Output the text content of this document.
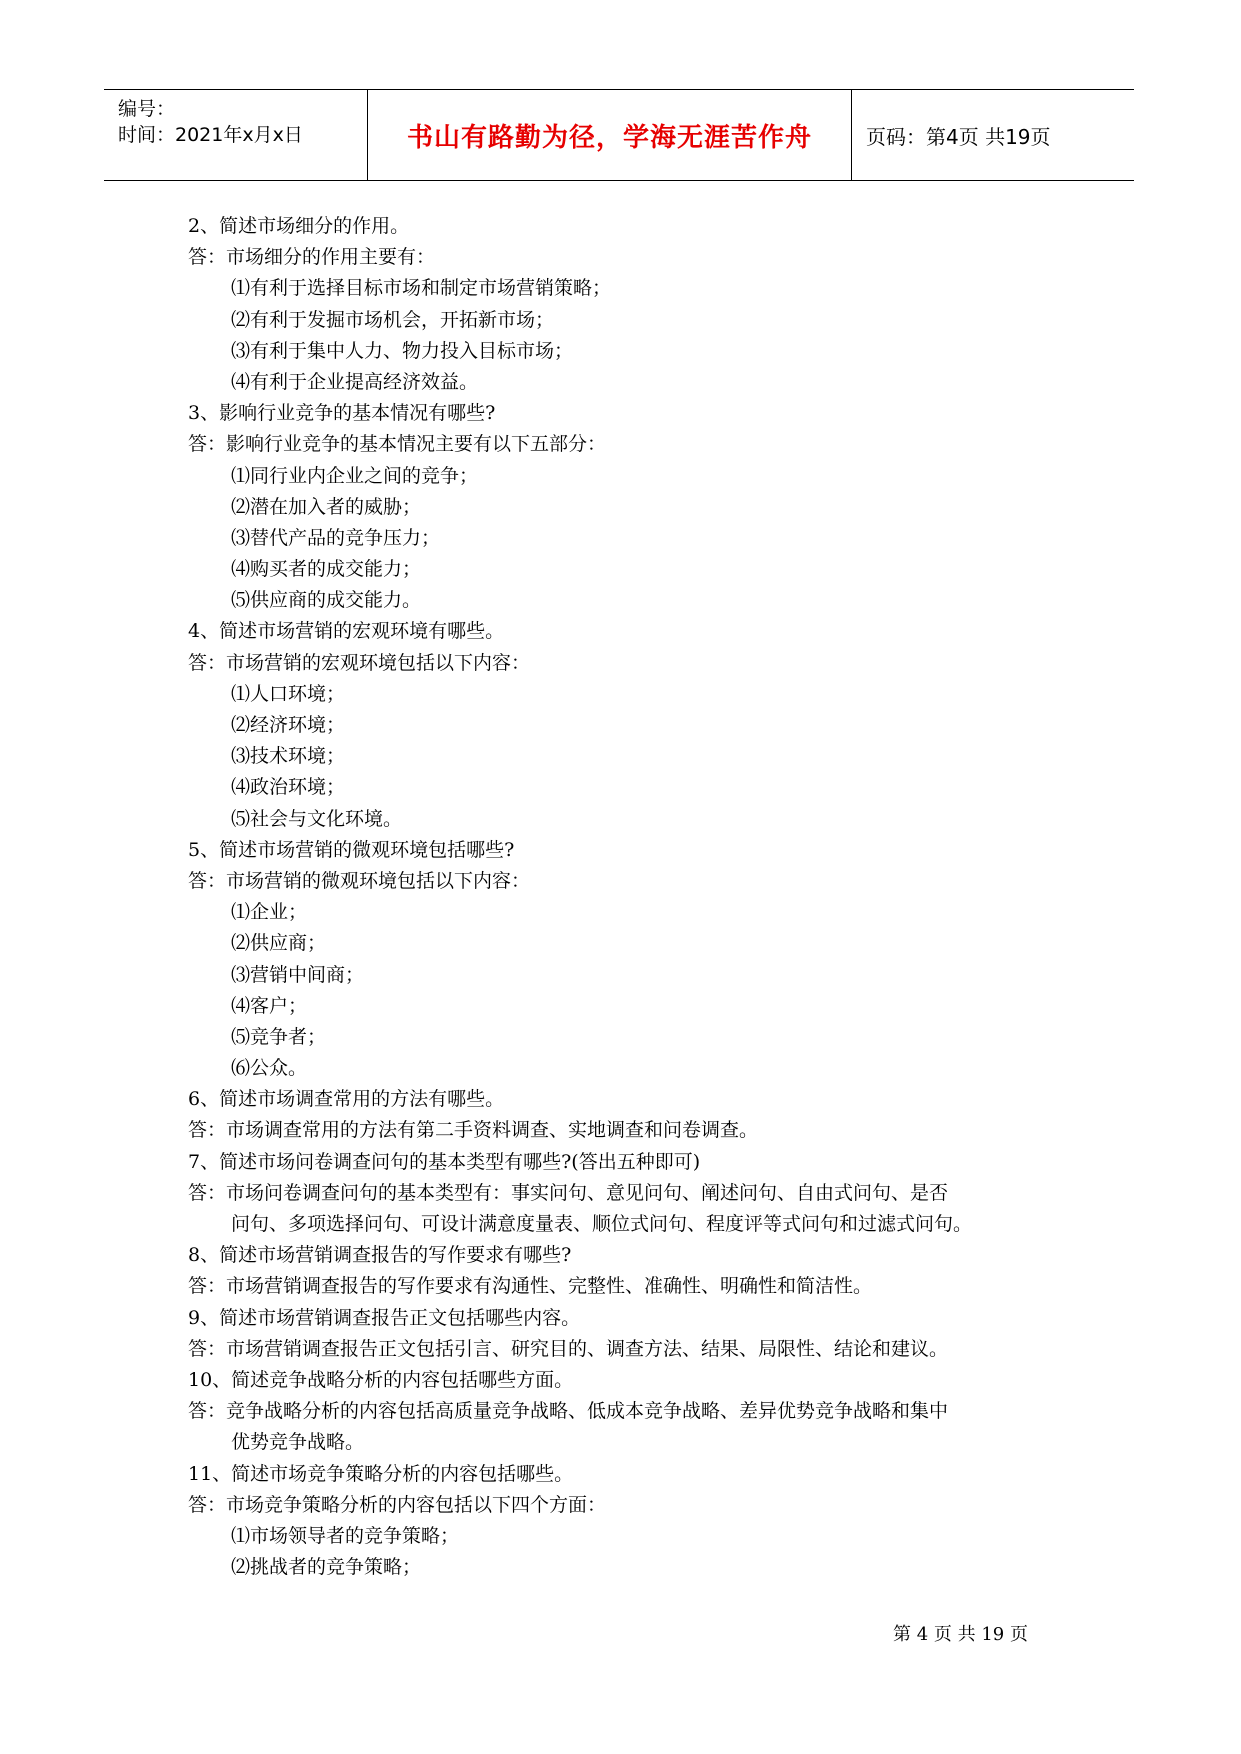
编号：
时间：2021年x月x日	书山有路勤为径，学海无涯苦作舟	页码：第4页 共19页
2、简述市场细分的作用。
答：市场细分的作用主要有：
⑴有利于选择目标市场和制定市场营销策略；
⑵有利于发掘市场机会，开拓新市场；
⑶有利于集中人力、物力投入目标市场；
⑷有利于企业提高经济效益。
3、影响行业竞争的基本情况有哪些?
答：影响行业竞争的基本情况主要有以下五部分：
⑴同行业内企业之间的竞争；
⑵潜在加入者的威胁；
⑶替代产品的竞争压力；
⑷购买者的成交能力；
⑸供应商的成交能力。
4、简述市场营销的宏观环境有哪些。
答：市场营销的宏观环境包括以下内容：
⑴人口环境；
⑵经济环境；
⑶技术环境；
⑷政治环境；
⑸社会与文化环境。
5、简述市场营销的微观环境包括哪些?
答：市场营销的微观环境包括以下内容：
⑴企业；
⑵供应商；
⑶营销中间商；
⑷客户；
⑸竞争者；
⑹公众。
6、简述市场调查常用的方法有哪些。
答：市场调查常用的方法有第二手资料调查、实地调查和问卷调查。
7、简述市场问卷调查问句的基本类型有哪些?(答出五种即可)
答：市场问卷调查问句的基本类型有：事实问句、意见问句、阐述问句、自由式问句、是否
问句、多项选择问句、可设计满意度量表、顺位式问句、程度评等式问句和过滤式问句。
8、简述市场营销调查报告的写作要求有哪些?
答：市场营销调查报告的写作要求有沟通性、完整性、准确性、明确性和简洁性。
9、简述市场营销调查报告正文包括哪些内容。
答：市场营销调查报告正文包括引言、研究目的、调查方法、结果、局限性、结论和建议。
10、简述竞争战略分析的内容包括哪些方面。
答：竞争战略分析的内容包括高质量竞争战略、低成本竞争战略、差异优势竞争战略和集中
优势竞争战略。
11、简述市场竞争策略分析的内容包括哪些。
答：市场竞争策略分析的内容包括以下四个方面：
⑴市场领导者的竞争策略；
⑵挑战者的竞争策略；
第 4 页 共 19 页
